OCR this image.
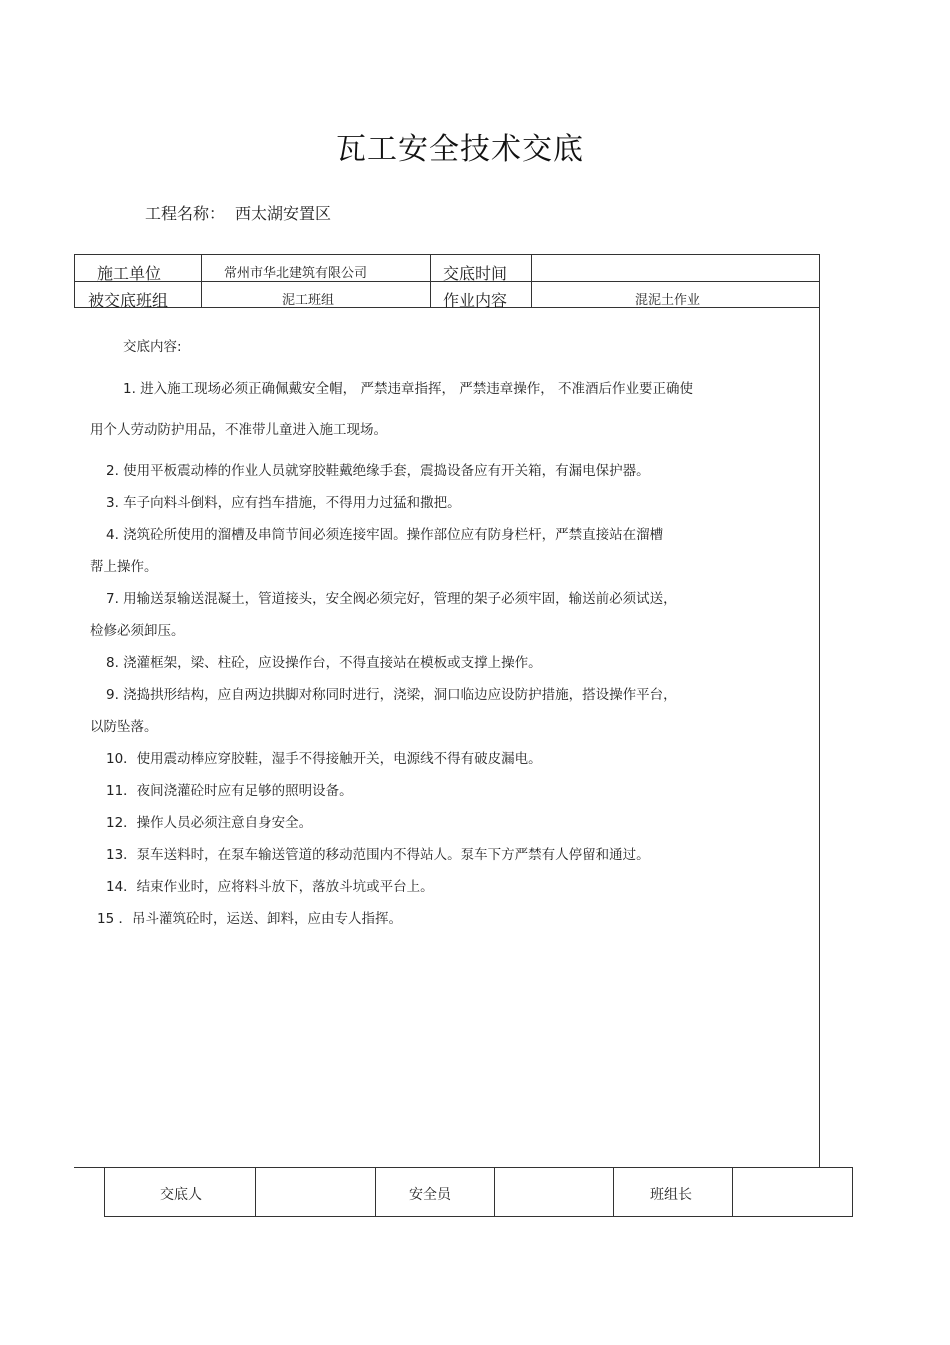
瓦工安全技术交底
工程名称： 西太湖安置区
施工单位	常州市华北建筑有限公司	交底时间
被交底班组	泥工班组	作业内容	混泥土作业
交底内容:
1. 进入施工现场必须正确佩戴安全帽， 严禁违章指挥， 严禁违章操作， 不准酒后作业要正确使
用个人劳动防护用品，不准带儿童进入施工现场。
2. 使用平板震动棒的作业人员就穿胶鞋戴绝缘手套，震捣设备应有开关箱，有漏电保护器。
3. 车子向料斗倒料，应有挡车措施，不得用力过猛和撒把。
4. 浇筑砼所使用的溜槽及串筒节间必须连接牢固。操作部位应有防身栏杆，严禁直接站在溜槽
帮上操作。
7. 用输送泵输送混凝土，管道接头，安全阀必须完好，管理的架子必须牢固，输送前必须试送，
检修必须卸压。
8. 浇灌框架，梁、柱砼，应设操作台，不得直接站在模板或支撑上操作。
9. 浇捣拱形结构，应自两边拱脚对称同时进行，浇梁，洞口临边应设防护措施，搭设操作平台，
以防坠落。
10．使用震动棒应穿胶鞋，湿手不得接触开关，电源线不得有破皮漏电。
11．夜间浇灌砼时应有足够的照明设备。
12．操作人员必须注意自身安全。
13．泵车送料时，在泵车输送管道的移动范围内不得站人。泵车下方严禁有人停留和通过。
14．结束作业时，应将料斗放下，落放斗坑或平台上。
15 ．吊斗灌筑砼时，运送、卸料，应由专人指挥。
交底人	安全员	班组长
